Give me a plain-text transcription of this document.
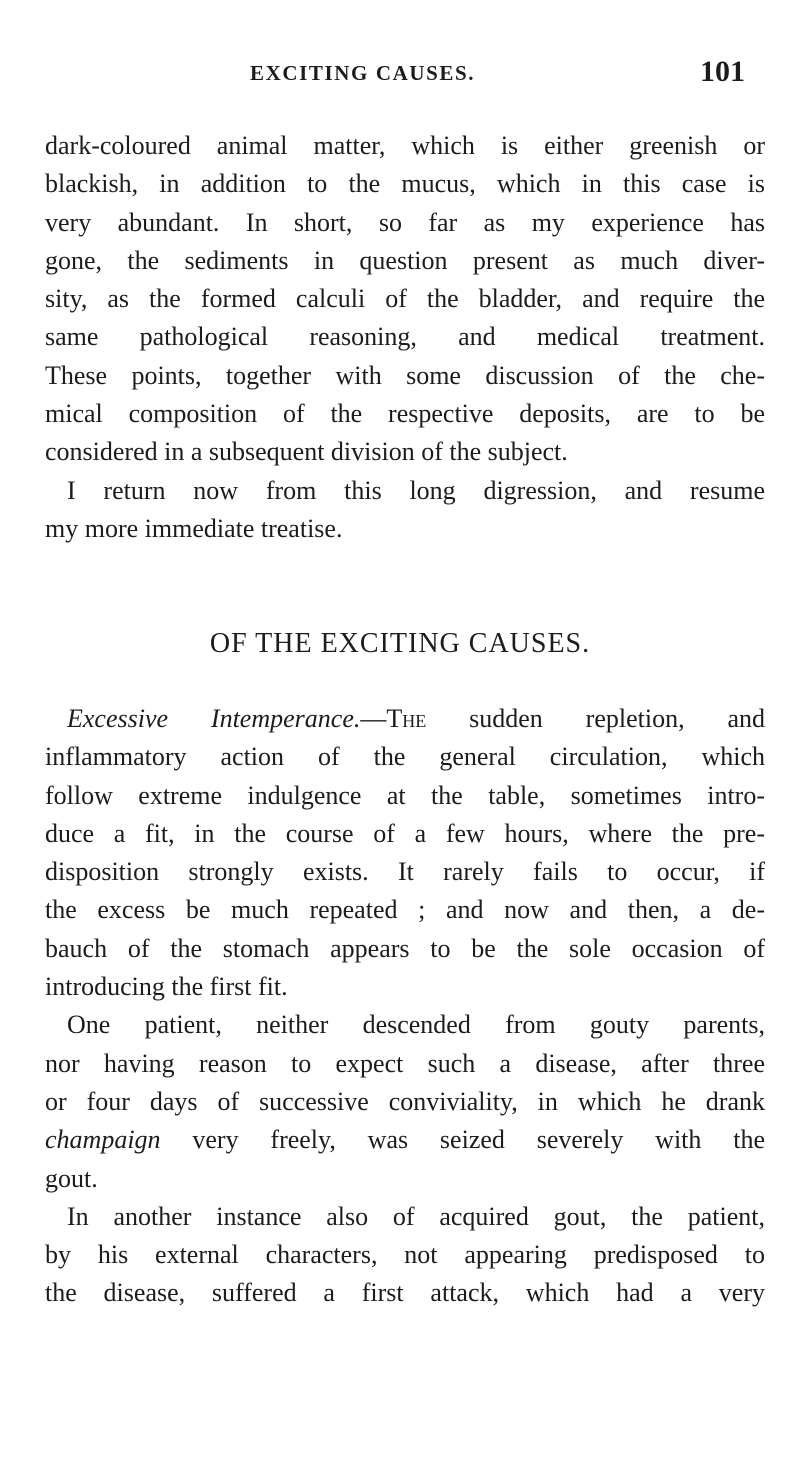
EXCITING CAUSES.	101
dark-coloured animal matter, which is either greenish or
blackish, in addition to the mucus, which in this case is
very abundant. In short, so far as my experience has
gone, the sediments in question present as much diver-
sity, as the formed calculi of the bladder, and require the
same pathological reasoning, and medical treatment.
These points, together with some discussion of the che-
mical composition of the respective deposits, are to be
considered in a subsequent division of the subject.
I return now from this long digression, and resume
my more immediate treatise.
OF THE EXCITING CAUSES.
Excessive Intemperance.—The sudden repletion, and
inflammatory action of the general circulation, which
follow extreme indulgence at the table, sometimes intro-
duce a fit, in the course of a few hours, where the pre-
disposition strongly exists. It rarely fails to occur, if
the excess be much repeated ; and now and then, a de-
bauch of the stomach appears to be the sole occasion of
introducing the first fit.
One patient, neither descended from gouty parents,
nor having reason to expect such a disease, after three
or four days of successive conviviality, in which he drank
champaign very freely, was seized severely with the
gout.
In another instance also of acquired gout, the patient,
by his external characters, not appearing predisposed to
the disease, suffered a first attack, which had a very
